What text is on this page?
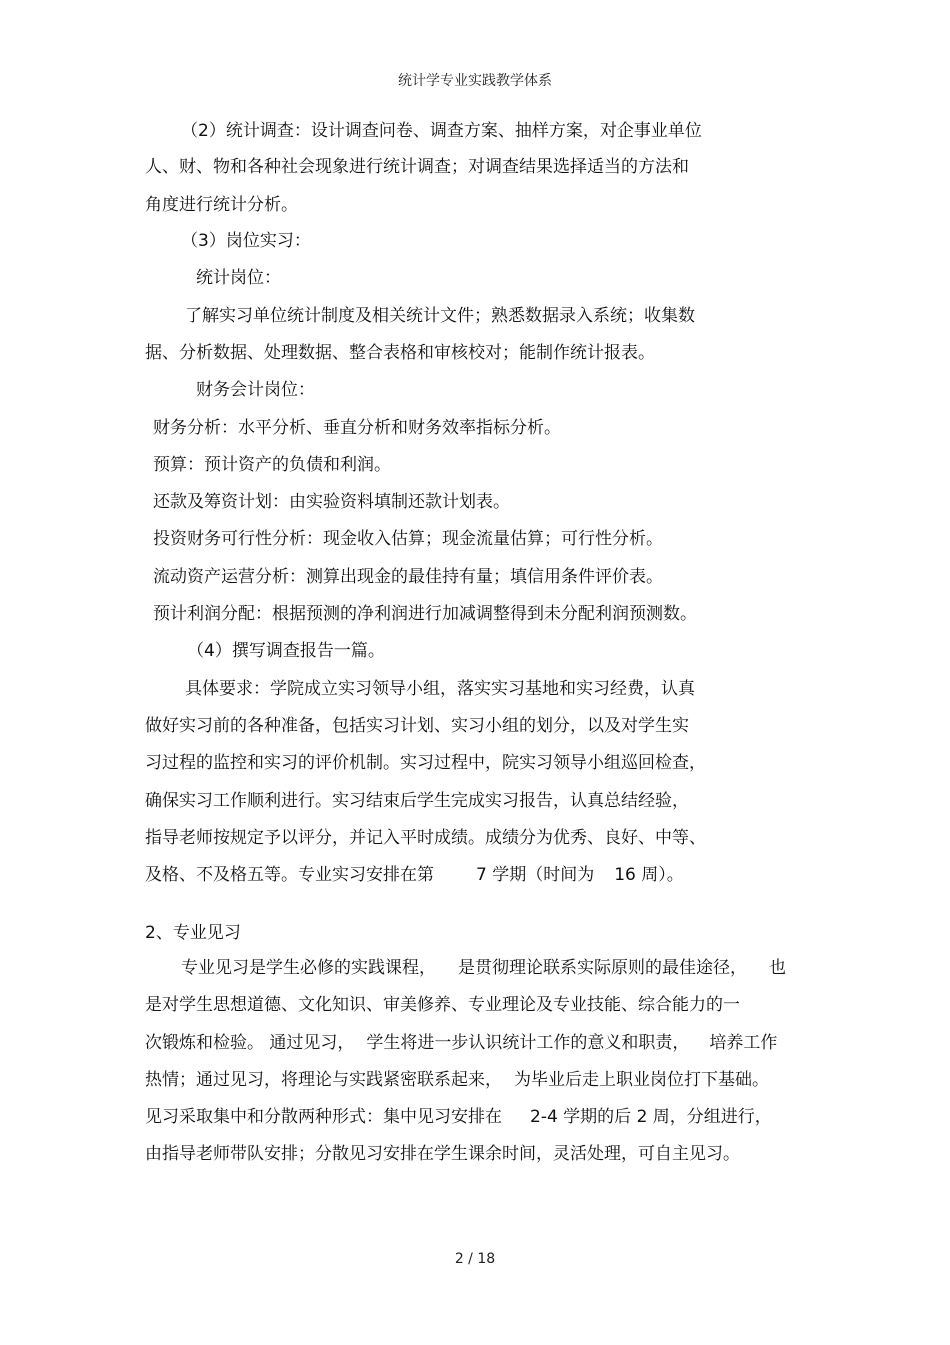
统计学专业实践教学体系
（2）统计调查：设计调查问卷、调查方案、抽样方案，对企事业单位
人、财、物和各种社会现象进行统计调查；对调查结果选择适当的方法和
角度进行统计分析。
（3）岗位实习：
统计岗位：
了解实习单位统计制度及相关统计文件；熟悉数据录入系统；收集数
据、分析数据、处理数据、整合表格和审核校对；能制作统计报表。
财务会计岗位：
财务分析：水平分析、垂直分析和财务效率指标分析。
预算：预计资产的负债和利润。
还款及筹资计划：由实验资料填制还款计划表。
投资财务可行性分析：现金收入估算；现金流量估算；可行性分析。
流动资产运营分析：测算出现金的最佳持有量；填信用条件评价表。
预计利润分配：根据预测的净利润进行加减调整得到未分配利润预测数。
（4）撰写调查报告一篇。
具体要求：学院成立实习领导小组，落实实习基地和实习经费，认真
做好实习前的各种准备，包括实习计划、实习小组的划分，以及对学生实
习过程的监控和实习的评价机制。实习过程中，院实习领导小组巡回检查，
确保实习工作顺利进行。实习结束后学生完成实习报告，认真总结经验，
指导老师按规定予以评分，并记入平时成绩。成绩分为优秀、良好、中等、
及格、不及格五等。专业实习安排在第 7 学期（时间为 16 周）。
2、专业见习
专业见习是学生必修的实践课程， 是贯彻理论联系实际原则的最佳途径， 也
是对学生思想道德、文化知识、审美修养、专业理论及专业技能、综合能力的一
次锻炼和检验。 通过见习， 学生将进一步认识统计工作的意义和职责， 培养工作
热情；通过见习，将理论与实践紧密联系起来， 为毕业后走上职业岗位打下基础。
见习采取集中和分散两种形式：集中见习安排在 2-4 学期的后 2 周，分组进行，
由指导老师带队安排；分散见习安排在学生课余时间，灵活处理，可自主见习。
2 / 18
